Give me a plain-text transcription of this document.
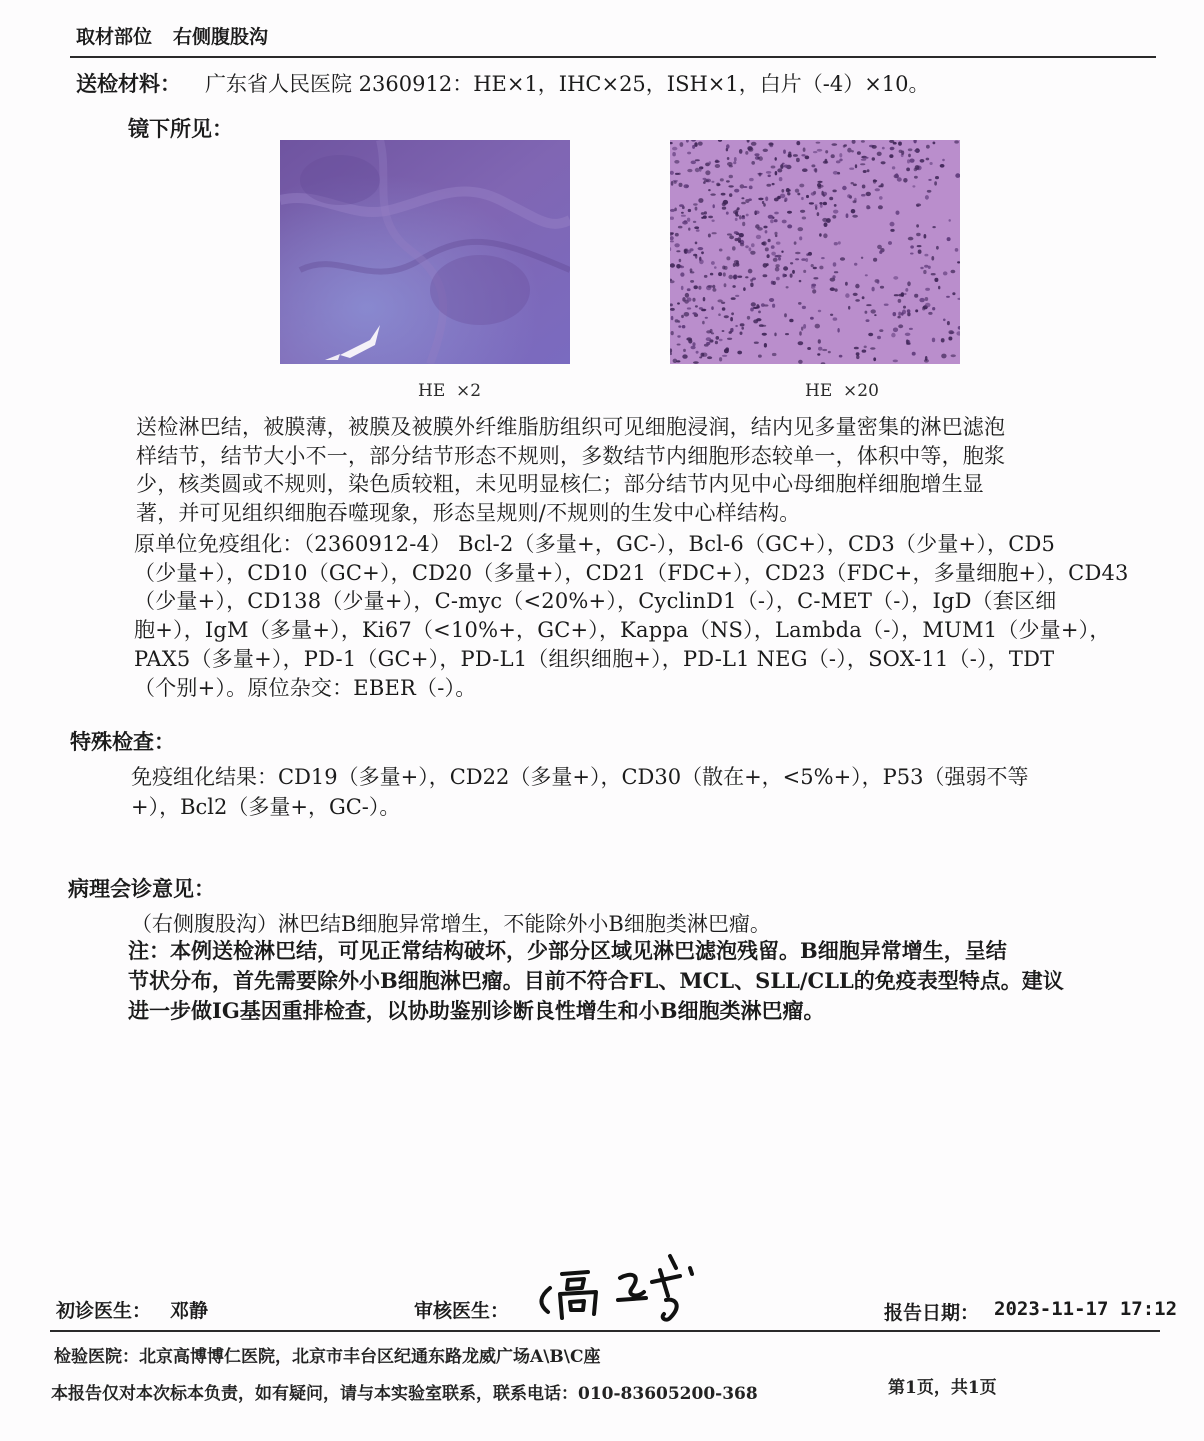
取材部位 右侧腹股沟
送检材料： 广东省人民医院 2360912：HE×1，IHC×25，ISH×1，白片（-4）×10。
镜下所见：
HE  ×2	HE  ×20
送检淋巴结，被膜薄，被膜及被膜外纤维脂肪组织可见细胞浸润，结内见多量密集的淋巴滤泡
样结节，结节大小不一，部分结节形态不规则，多数结节内细胞形态较单一，体积中等，胞浆
少，核类圆或不规则，染色质较粗，未见明显核仁；部分结节内见中心母细胞样细胞增生显
著，并可见组织细胞吞噬现象，形态呈规则/不规则的生发中心样结构。
原单位免疫组化：（2360912-4） Bcl-2（多量+，GC-），Bcl-6（GC+），CD3（少量+），CD5
（少量+），CD10（GC+），CD20（多量+），CD21（FDC+），CD23（FDC+，多量细胞+），CD43
（少量+），CD138（少量+），C-myc（<20%+），CyclinD1（-），C-MET（-），IgD（套区细
胞+），IgM（多量+），Ki67（<10%+，GC+），Kappa（NS），Lambda（-），MUM1（少量+），
PAX5（多量+），PD-1（GC+），PD-L1（组织细胞+），PD-L1 NEG（-），SOX-11（-），TDT
（个别+）。原位杂交：EBER（-）。
特殊检查：
免疫组化结果：CD19（多量+），CD22（多量+），CD30（散在+，<5%+），P53（强弱不等
+），Bcl2（多量+，GC-）。
病理会诊意见：
（右侧腹股沟）淋巴结B细胞异常增生，不能除外小B细胞类淋巴瘤。
注：本例送检淋巴结，可见正常结构破坏，少部分区域见淋巴滤泡残留。B细胞异常增生，呈结
节状分布，首先需要除外小B细胞淋巴瘤。目前不符合FL、MCL、SLL/CLL的免疫表型特点。建议
进一步做IG基因重排检查，以协助鉴别诊断良性增生和小B细胞类淋巴瘤。
初诊医生： 邓静	审核医生：	报告日期： 2023-11-17 17:12
检验医院：北京高博博仁医院，北京市丰台区纪通东路龙威广场A\B\C座
本报告仅对本次标本负责，如有疑问，请与本实验室联系，联系电话：010-83605200-368	第1页，共1页
